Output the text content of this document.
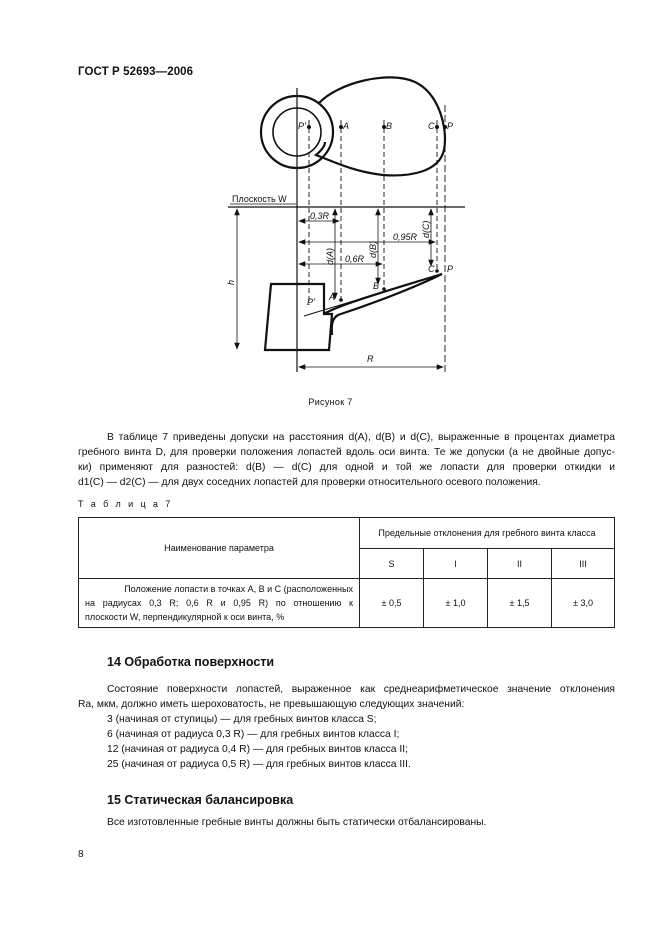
ГОСТ Р 52693—2006
P'	A	B	C P
Плоскость W
0,3R
0,95R
0,6R
d(A)	d(B)
d(C)
h
C P
B
A
P'
R
Рисунок 7
В таблице 7 приведены допуски на расстояния d(A), d(B) и d(C), выраженные в процентах диаметра
гребного винта D, для проверки положения лопастей вдоль оси винта. Те же допуски (а не двойные допус-
ки) применяют для разностей: d(B) — d(C) для одной и той же лопасти для проверки откидки и
d1(C) — d2(C) — для двух соседних лопастей для проверки относительного осевого положения.
Т а б л и ц а 7
Наименование параметра	Предельные отклонения для гребного винта класса			
	S	I	II	III

Положение лопасти в точках A, B и C (расположенных
на радиусах 0,3 R; 0,6 R и 0,95 R) по отношению к
плоскости W, перпендикулярной к оси винта, %	± 0,5	± 1,0	± 1,5	± 3,0
14 Обработка поверхности
Состояние поверхности лопастей, выраженное как среднеарифметическое значение отклонения
Ra, мкм, должно иметь шероховатость, не превышающую следующих значений:
3 (начиная от ступицы) — для гребных винтов класса S;
6 (начиная от радиуса 0,3 R) — для гребных винтов класса I;
12 (начиная от радиуса 0,4 R) — для гребных винтов класса II;
25 (начиная от радиуса 0,5 R) — для гребных винтов класса III.
15 Статическая балансировка
Все изготовленные гребные винты должны быть статически отбалансированы.
8
